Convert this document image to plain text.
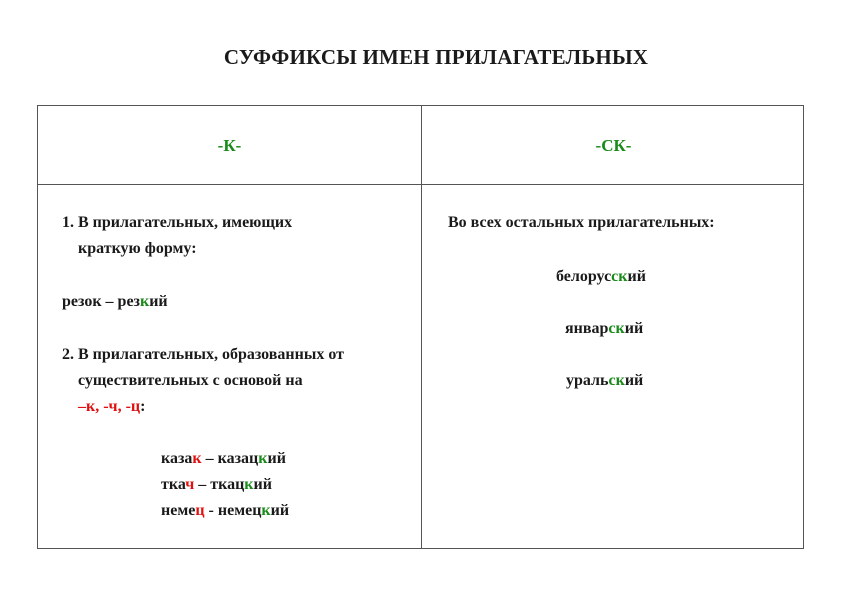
СУФФИКСЫ ИМЕН ПРИЛАГАТЕЛЬНЫХ
-К-	-СК-
1. В прилагательных, имеющих
краткую форму:
резок – резкий
2. В прилагательных, образованных от
существительных с основой на
–к, -ч, -ц:
казак – казацкий
ткач – ткацкий
немец - немецкий
Во всех остальных прилагательных:
белорусский
январский
уральский
